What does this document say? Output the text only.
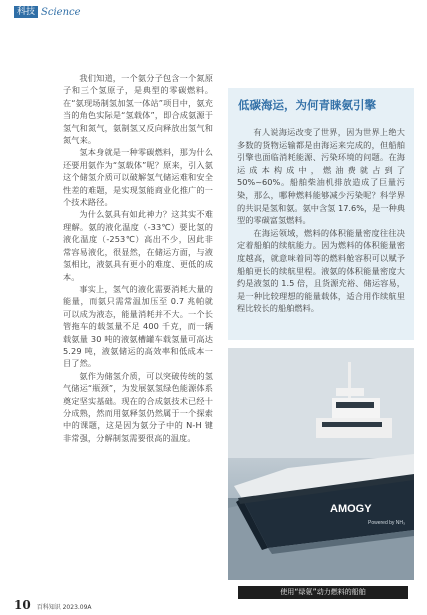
科技 Science

我们知道，一个氨分子包含一个氮原子和三个氢原子，是典型的零碳燃料。在“氨现场制氢加氢一体站”项目中，氨充当的角色实际是“氢载体”，即合成氨源于氢气和氮气，氨制氢又反向释放出氢气和氮气来。

氢本身就是一种零碳燃料，那为什么还要用氨作为“氢载体”呢？原来，引入氨这个储氢介质可以破解氢气储运难和安全性差的难题，是实现氢能商业化推广的一个技术路径。

为什么氨具有如此神力？这其实不难理解。氨的液化温度（-33℃）要比氢的液化温度（-253℃）高出不少，因此非常容易液化，很显然，在储运方面，与液氢相比，液氨具有更小的难度、更低的成本。

事实上，氢气的液化需要消耗大量的能量，而氨只需常温加压至 0.7 兆帕就可以成为液态，能量消耗并不大。一个长管拖车的载氢量不足 400 千克，而一辆载氨量 30 吨的液氨槽罐车载氢量可高达 5.29 吨，液氨储运的高效率和低成本一目了然。

氨作为储氢介质，可以突破传统的氢气储运“瓶颈”，为发展氨氢绿色能源体系奠定坚实基础。现在的合成氨技术已经十分成熟，然而用氨释氢仍然属于一个探索中的课题，这是因为氨分子中的 N-H 键非常强，分解制氢需要很高的温度。

低碳海运，为何青睐氨引擎

有人说海运改变了世界，因为世界上绝大多数的货物运输都是由海运来完成的，但船舶引擎也面临消耗能源、污染环境的问题。在海运成本构成中，燃油费就占到了 50%~60%。船舶柴油机排放造成了巨量污染，那么，哪种燃料能够减少污染呢？科学界的共识是氢和氨。氨中含氢 17.6%，是一种典型的零碳富氢燃料。

在海运领域，燃料的体积能量密度往往决定着船舶的续航能力。因为燃料的体积能量密度越高，就意味着同等的燃料舱容积可以赋予船舶更长的续航里程。液氨的体积能量密度大约是液氢的 1.5 倍，且货源充裕、储运容易，是一种比较理想的能量载体，适合用作续航里程比较长的船舶燃料。

AMOGY
Powered by NH₃
使用“绿氨”动力燃料的船舶
10 百科知识 2023.09A
